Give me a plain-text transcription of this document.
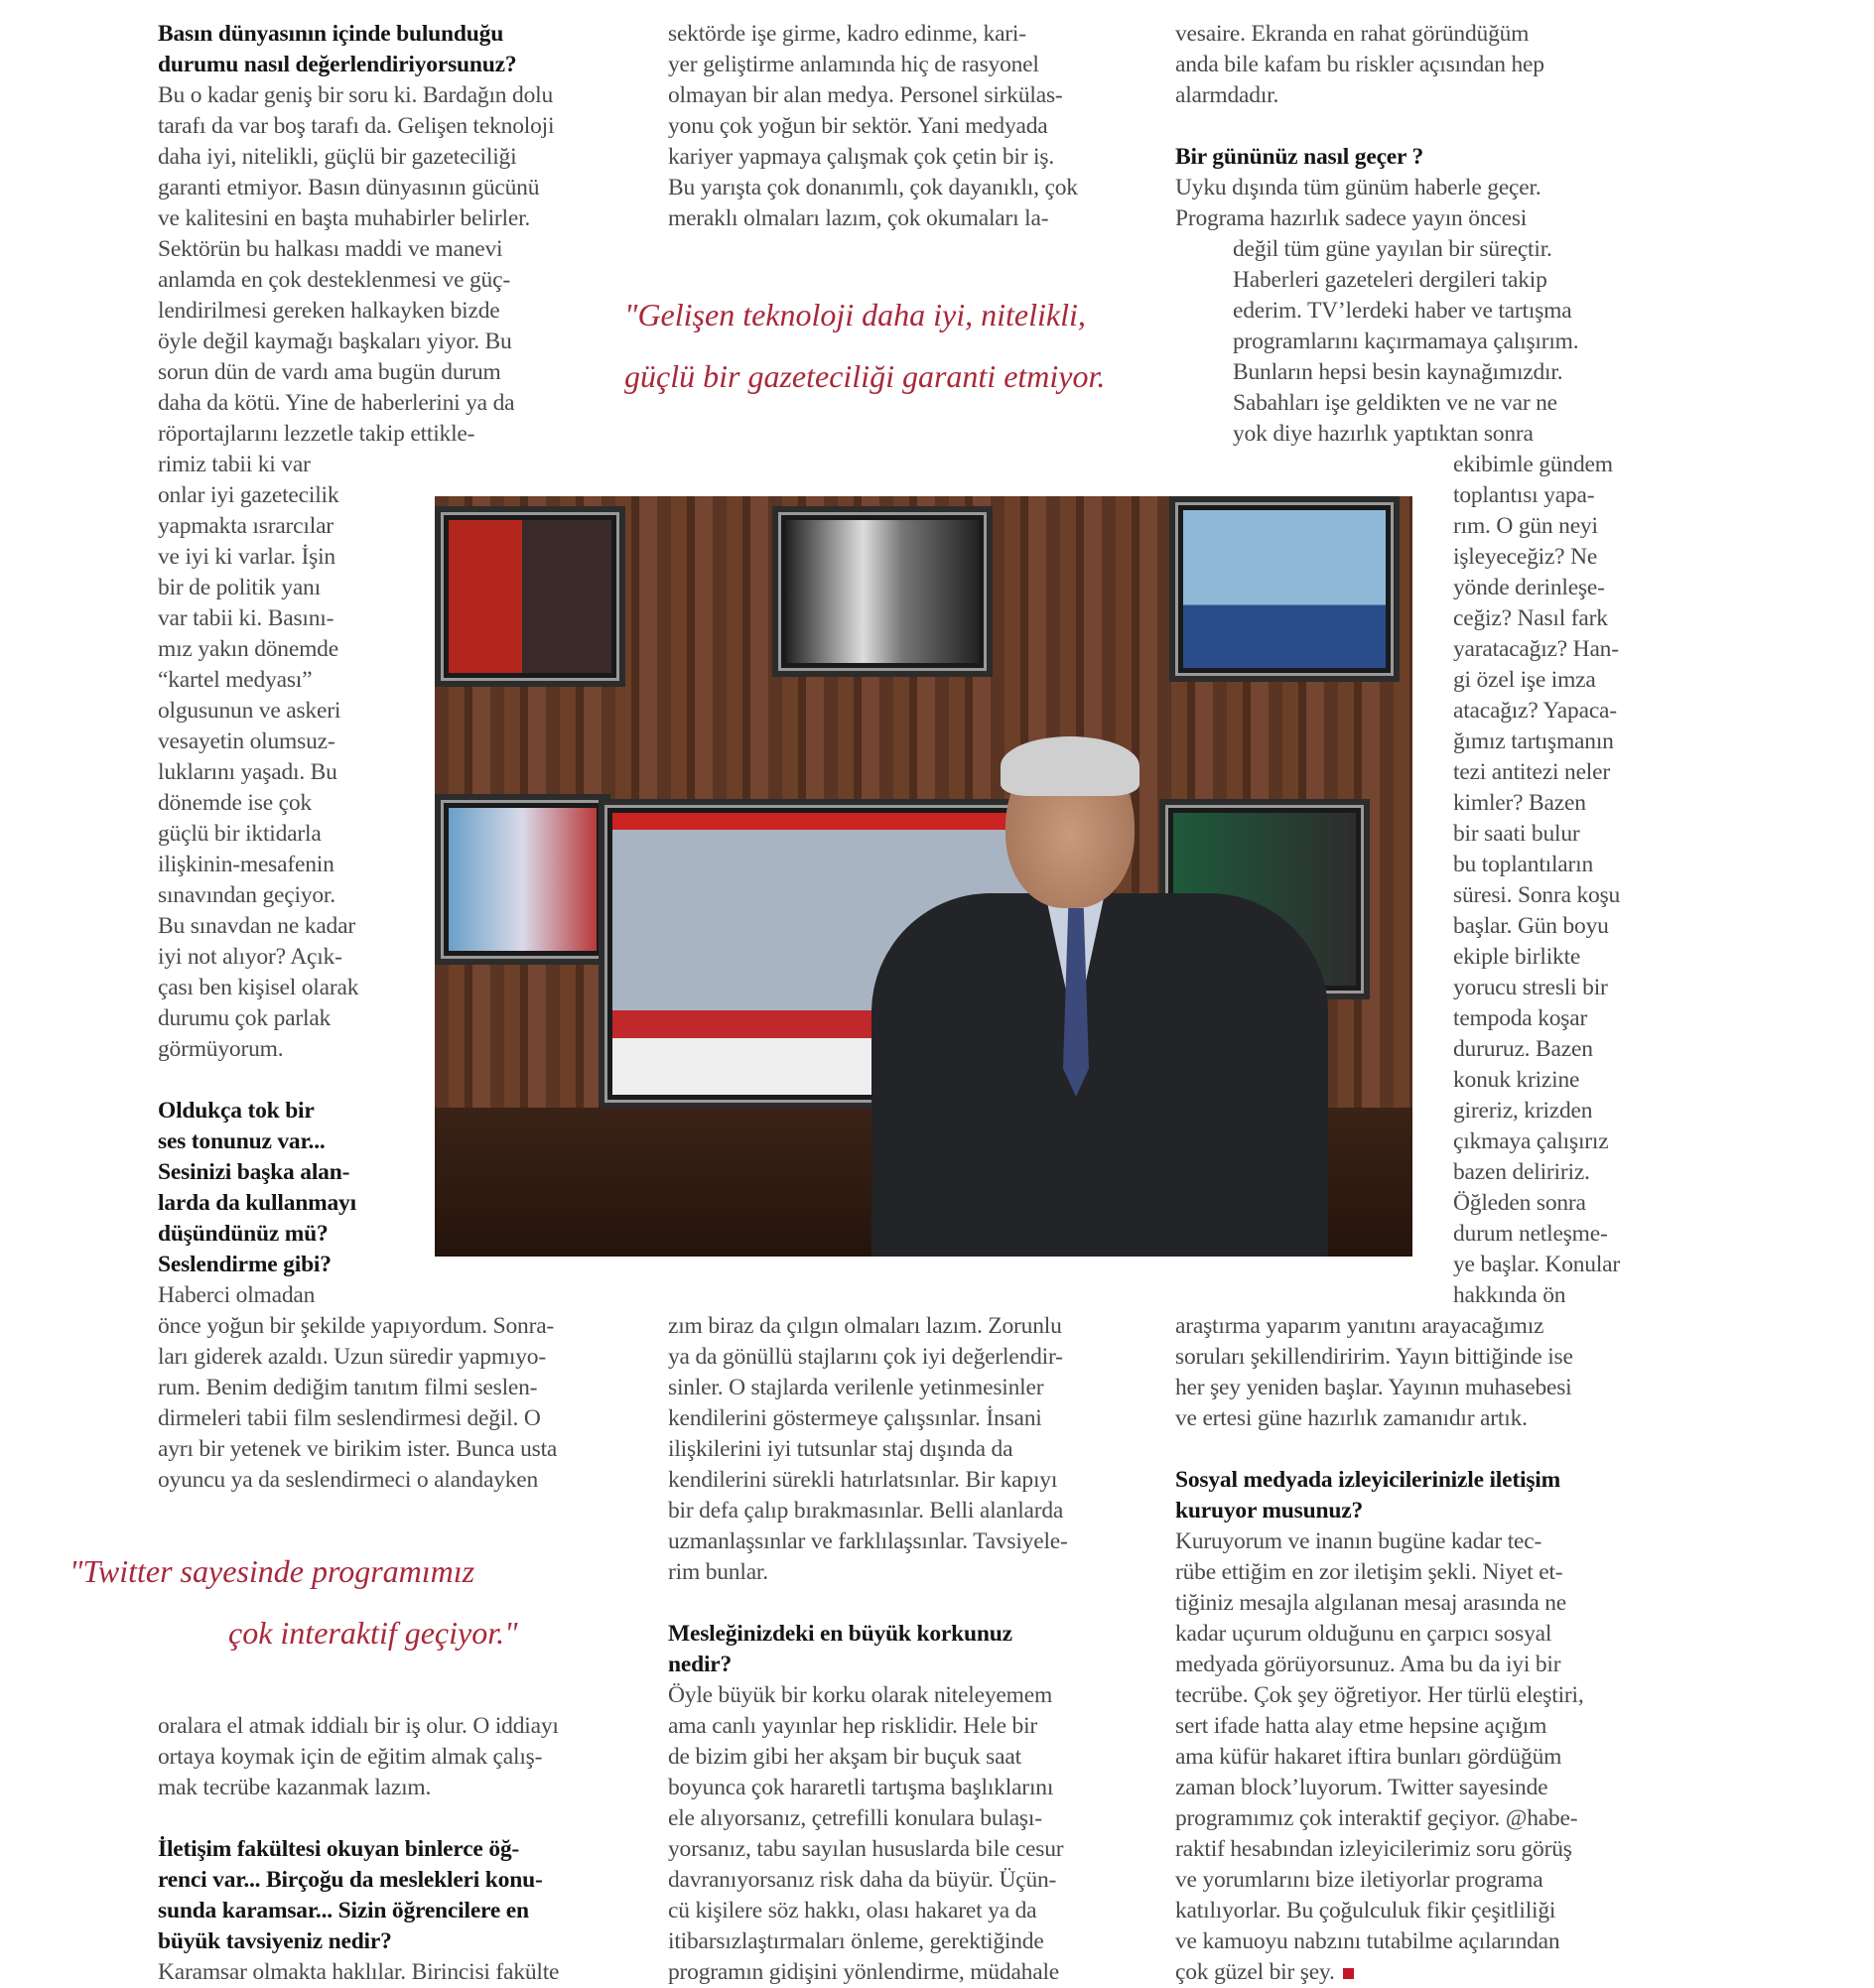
Basın dünyasının içinde bulunduğu
durumu nasıl değerlendiriyorsunuz?
Bu o kadar geniş bir soru ki. Bardağın dolu
tarafı da var boş tarafı da. Gelişen teknoloji
daha iyi, nitelikli, güçlü bir gazeteciliği
garanti etmiyor. Basın dünyasının gücünü
ve kalitesini en başta muhabirler belirler.
Sektörün bu halkası maddi ve manevi
anlamda en çok desteklenmesi ve güç-
lendirilmesi gereken halkayken bizde
öyle değil kaymağı başkaları yiyor. Bu
sorun dün de vardı ama bugün durum
daha da kötü. Yine de haberlerini ya da
röportajlarını lezzetle takip ettikle-
rimiz tabii ki var
onlar iyi gazetecilik
yapmakta ısrarcılar
ve iyi ki varlar. İşin
bir de politik yanı
var tabii ki. Basını-
mız yakın dönemde
“kartel medyası”
olgusunun ve askeri
vesayetin olumsuz-
luklarını yaşadı. Bu
dönemde ise çok
güçlü bir iktidarla
ilişkinin-mesafenin
sınavından geçiyor.
Bu sınavdan ne kadar
iyi not alıyor? Açık-
çası ben kişisel olarak
durumu çok parlak
görmüyorum.
Oldukça tok bir
ses tonunuz var...
Sesinizi başka alan-
larda da kullanmayı
düşündünüz mü?
Seslendirme gibi?
Haberci olmadan
önce yoğun bir şekilde yapıyordum. Sonra-
ları giderek azaldı. Uzun süredir yapmıyo-
rum. Benim dediğim tanıtım filmi seslen-
dirmeleri tabii film seslendirmesi değil. O
ayrı bir yetenek ve birikim ister. Bunca usta
oyuncu ya da seslendirmeci o alandayken
oralara el atmak iddialı bir iş olur. O iddiayı
ortaya koymak için de eğitim almak çalış-
mak tecrübe kazanmak lazım.
İletişim fakültesi okuyan binlerce öğ-
renci var... Birçoğu da meslekleri konu-
sunda karamsar... Sizin öğrencilere en
büyük tavsiyeniz nedir?
Karamsar olmakta haklılar. Birincisi fakülte
sektörde işe girme, kadro edinme, kari-
yer geliştirme anlamında hiç de rasyonel
olmayan bir alan medya. Personel sirkülas-
yonu çok yoğun bir sektör. Yani medyada
kariyer yapmaya çalışmak çok çetin bir iş.
Bu yarışta çok donanımlı, çok dayanıklı, çok
meraklı olmaları lazım, çok okumaları la-
zım biraz da çılgın olmaları lazım. Zorunlu
ya da gönüllü stajlarını çok iyi değerlendir-
sinler. O stajlarda verilenle yetinmesinler
kendilerini göstermeye çalışsınlar. İnsani
ilişkilerini iyi tutsunlar staj dışında da
kendilerini sürekli hatırlatsınlar. Bir kapıyı
bir defa çalıp bırakmasınlar. Belli alanlarda
uzmanlaşsınlar ve farklılaşsınlar. Tavsiyele-
rim bunlar.
Mesleğinizdeki en büyük korkunuz
nedir?
Öyle büyük bir korku olarak niteleyemem
ama canlı yayınlar hep risklidir. Hele bir
de bizim gibi her akşam bir buçuk saat
boyunca çok hararetli tartışma başlıklarını
ele alıyorsanız, çetrefilli konulara bulaşı-
yorsanız, tabu sayılan hususlarda bile cesur
davranıyorsanız risk daha da büyür. Üçün-
cü kişilere söz hakkı, olası hakaret ya da
itibarsızlaştırmaları önleme, gerektiğinde
programın gidişini yönlendirme, müdahale
vesaire. Ekranda en rahat göründüğüm
anda bile kafam bu riskler açısından hep
alarmdadır.
Bir gününüz nasıl geçer ?
Uyku dışında tüm günüm haberle geçer.
Programa hazırlık sadece yayın öncesi
değil tüm güne yayılan bir süreçtir.
Haberleri gazeteleri dergileri takip
ederim. TV’lerdeki haber ve tartışma
programlarını kaçırmamaya çalışırım.
Bunların hepsi besin kaynağımızdır.
Sabahları işe geldikten ve ne var ne
yok diye hazırlık yaptıktan sonra
ekibimle gündem
toplantısı yapa-
rım. O gün neyi
işleyeceğiz? Ne
yönde derinleşe-
ceğiz? Nasıl fark
yaratacağız? Han-
gi özel işe imza
atacağız? Yapaca-
ğımız tartışmanın
tezi antitezi neler
kimler? Bazen
bir saati bulur
bu toplantıların
süresi. Sonra koşu
başlar. Gün boyu
ekiple birlikte
yorucu stresli bir
tempoda koşar
dururuz. Bazen
konuk krizine
gireriz, krizden
çıkmaya çalışırız
bazen deliririz.
Öğleden sonra
durum netleşme-
ye başlar. Konular
hakkında ön
araştırma yaparım yanıtını arayacağımız
soruları şekillendiririm. Yayın bittiğinde ise
her şey yeniden başlar. Yayının muhasebesi
ve ertesi güne hazırlık zamanıdır artık.
Sosyal medyada izleyicilerinizle iletişim
kuruyor musunuz?
Kuruyorum ve inanın bugüne kadar tec-
rübe ettiğim en zor iletişim şekli. Niyet et-
tiğiniz mesajla algılanan mesaj arasında ne
kadar uçurum olduğunu en çarpıcı sosyal
medyada görüyorsunuz. Ama bu da iyi bir
tecrübe. Çok şey öğretiyor. Her türlü eleştiri,
sert ifade hatta alay etme hepsine açığım
ama küfür hakaret iftira bunları gördüğüm
zaman block’luyorum. Twitter sayesinde
programımız çok interaktif geçiyor. @habe-
raktif hesabından izleyicilerimiz soru görüş
ve yorumlarını bize iletiyorlar programa
katılıyorlar. Bu çoğulculuk fikir çeşitliliği
ve kamuoyu nabzını tutabilme açılarından
çok güzel bir şey.
"Gelişen teknoloji daha iyi, nitelikli,
güçlü bir gazeteciliği garanti etmiyor.
"Twitter sayesinde programımız
çok interaktif geçiyor."
